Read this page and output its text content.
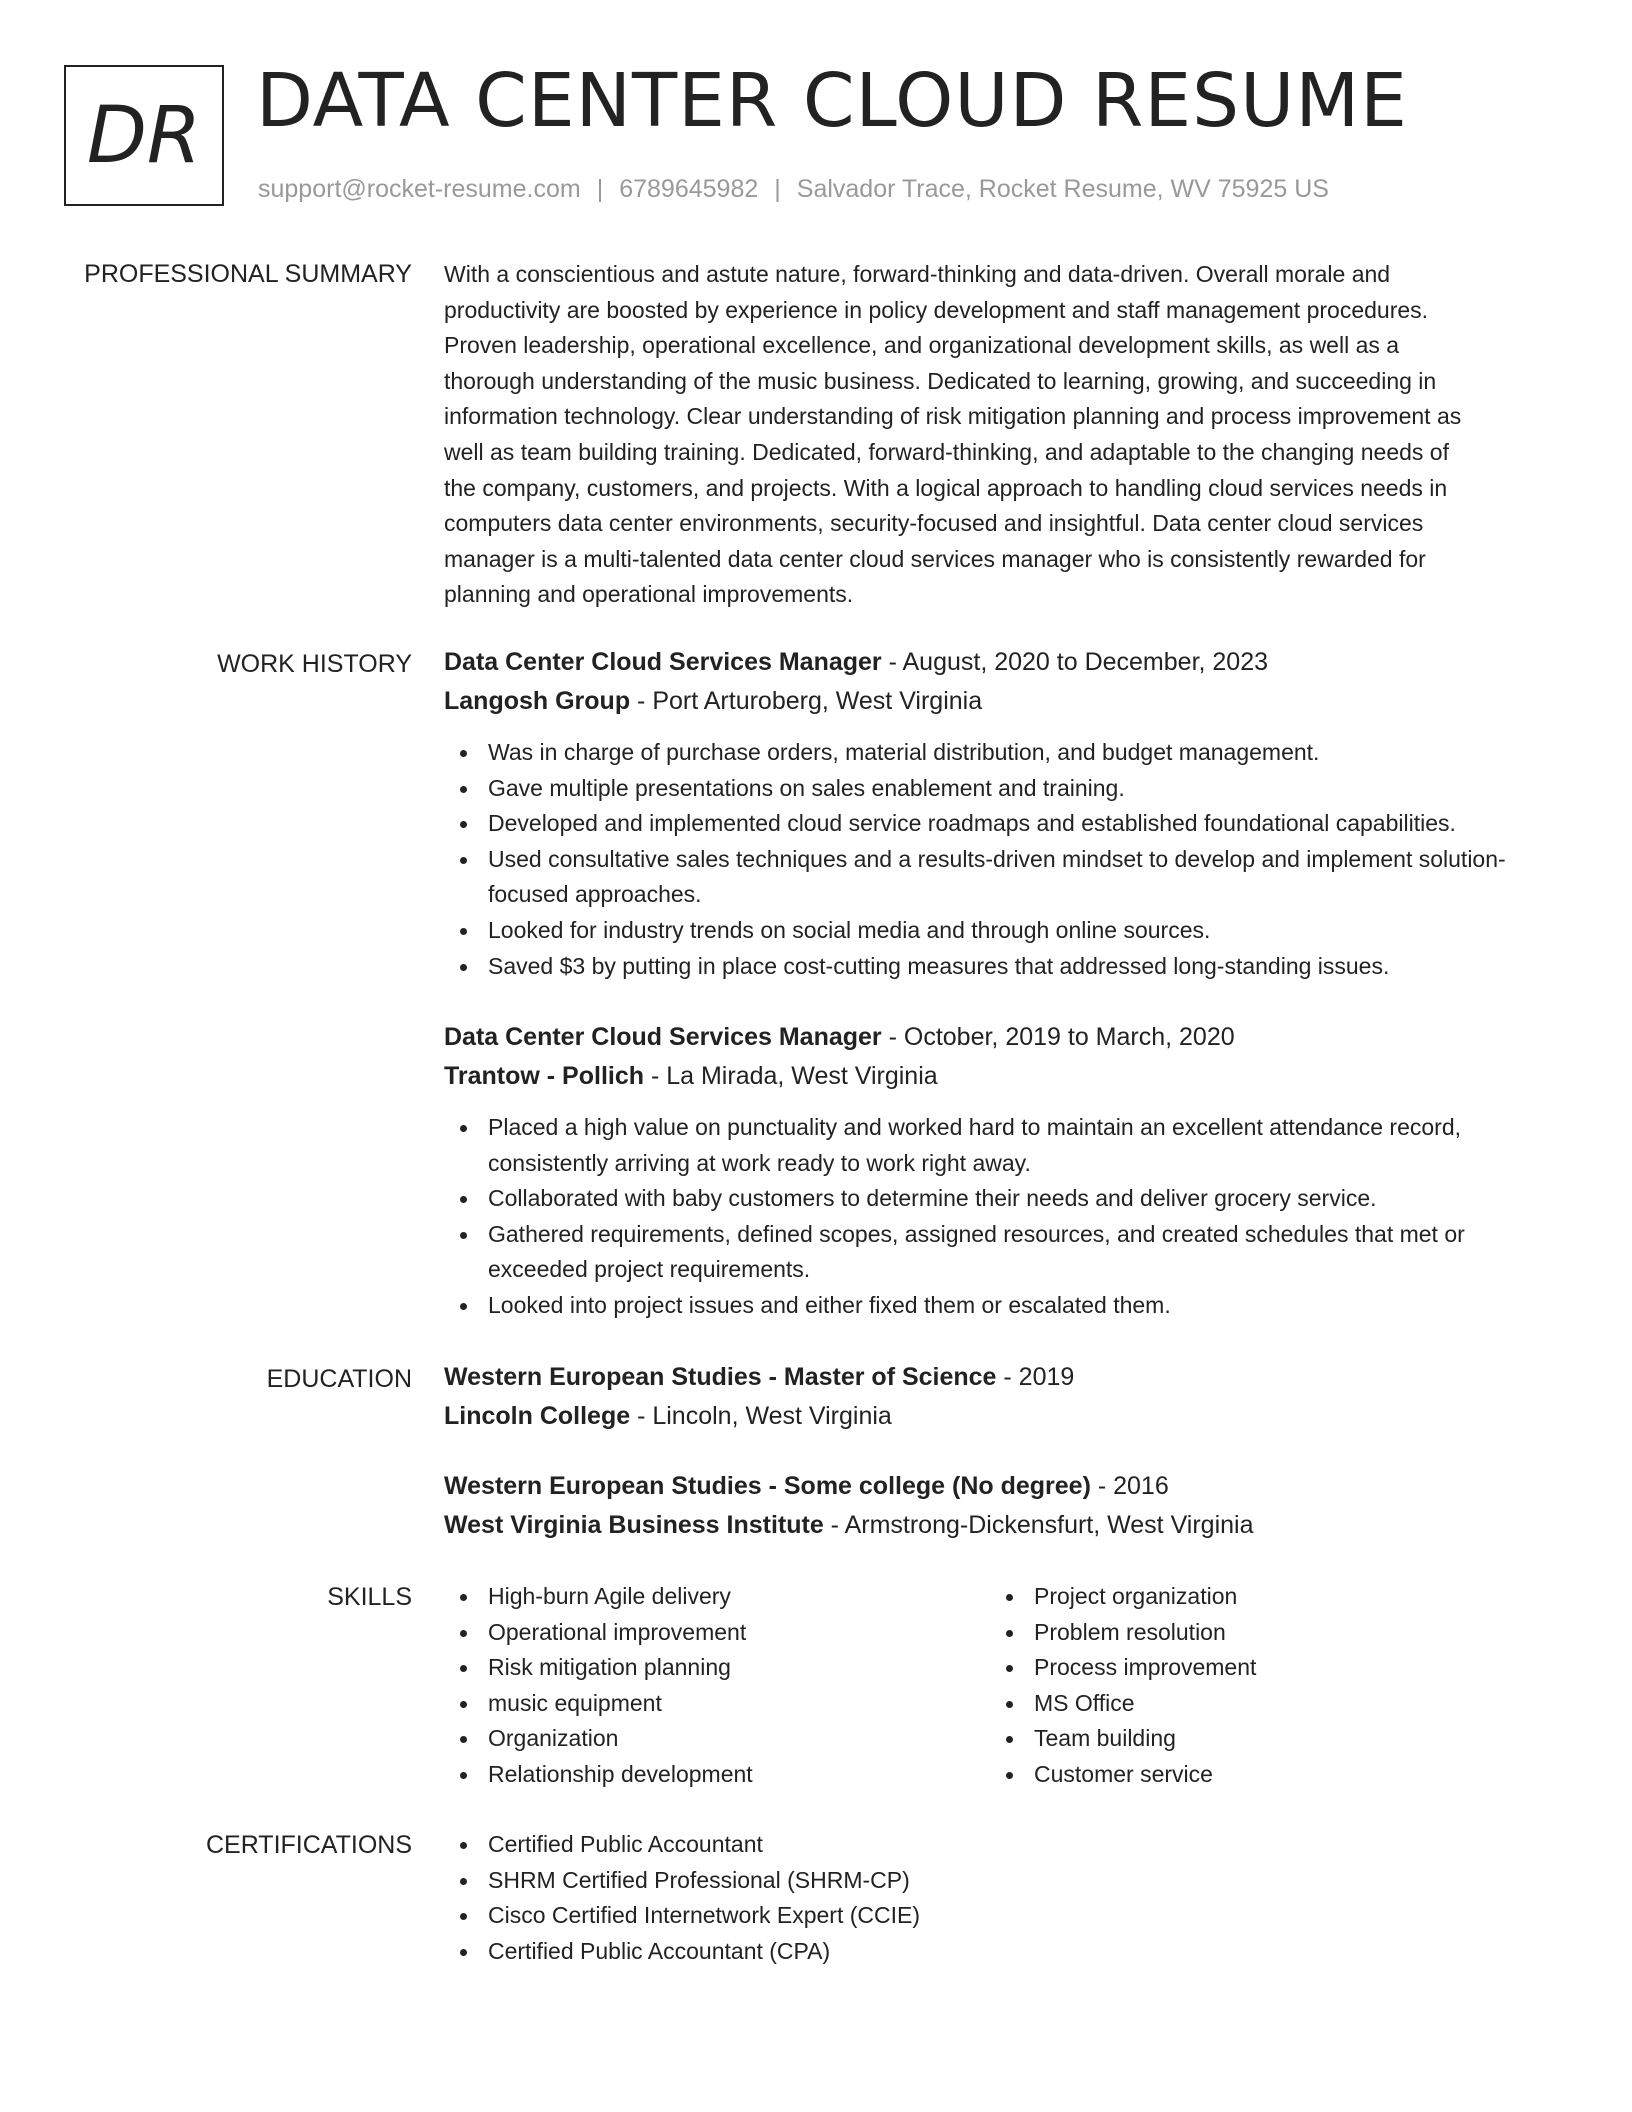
DR DATA CENTER CLOUD RESUME
support@rocket-resume.com | 6789645982 | Salvador Trace, Rocket Resume, WV 75925 US
PROFESSIONAL SUMMARY With a conscientious and astute nature, forward-thinking and data-driven. Overall morale and
productivity are boosted by experience in policy development and staff management procedures.
Proven leadership, operational excellence, and organizational development skills, as well as a
thorough understanding of the music business. Dedicated to learning, growing, and succeeding in
information technology. Clear understanding of risk mitigation planning and process improvement as
well as team building training. Dedicated, forward-thinking, and adaptable to the changing needs of
the company, customers, and projects. With a logical approach to handling cloud services needs in
computers data center environments, security-focused and insightful. Data center cloud services
manager is a multi-talented data center cloud services manager who is consistently rewarded for
planning and operational improvements.

WORK HISTORY Data Center Cloud Services Manager - August, 2020 to December, 2023

Langosh Group - Port Arturoberg, West Virginia

Was in charge of purchase orders, material distribution, and budget management.
Gave multiple presentations on sales enablement and training.
Developed and implemented cloud service roadmaps and established foundational capabilities.
Used consultative sales techniques and a results-driven mindset to develop and implement solution-focused approaches.
Looked for industry trends on social media and through online sources.
Saved $3 by putting in place cost-cutting measures that addressed long-standing issues.

Data Center Cloud Services Manager - October, 2019 to March, 2020

Trantow - Pollich - La Mirada, West Virginia

Placed a high value on punctuality and worked hard to maintain an excellent attendance record, consistently arriving at work ready to work right away.
Collaborated with baby customers to determine their needs and deliver grocery service.
Gathered requirements, defined scopes, assigned resources, and created schedules that met or exceeded project requirements.
Looked into project issues and either fixed them or escalated them.
EDUCATION Western European Studies - Master of Science - 2019

Lincoln College - Lincoln, West Virginia

Western European Studies - Some college (No degree) - 2016

West Virginia Business Institute - Armstrong-Dickensfurt, West Virginia

SKILLS	High-burn Agile delivery
Operational improvement
Risk mitigation planning
music equipment
Organization
Relationship development
Project organization
Problem resolution
Process improvement
MS Office
Team building
Customer service
CERTIFICATIONS	Certified Public Accountant
SHRM Certified Professional (SHRM-CP)
Cisco Certified Internetwork Expert (CCIE)
Certified Public Accountant (CPA)
